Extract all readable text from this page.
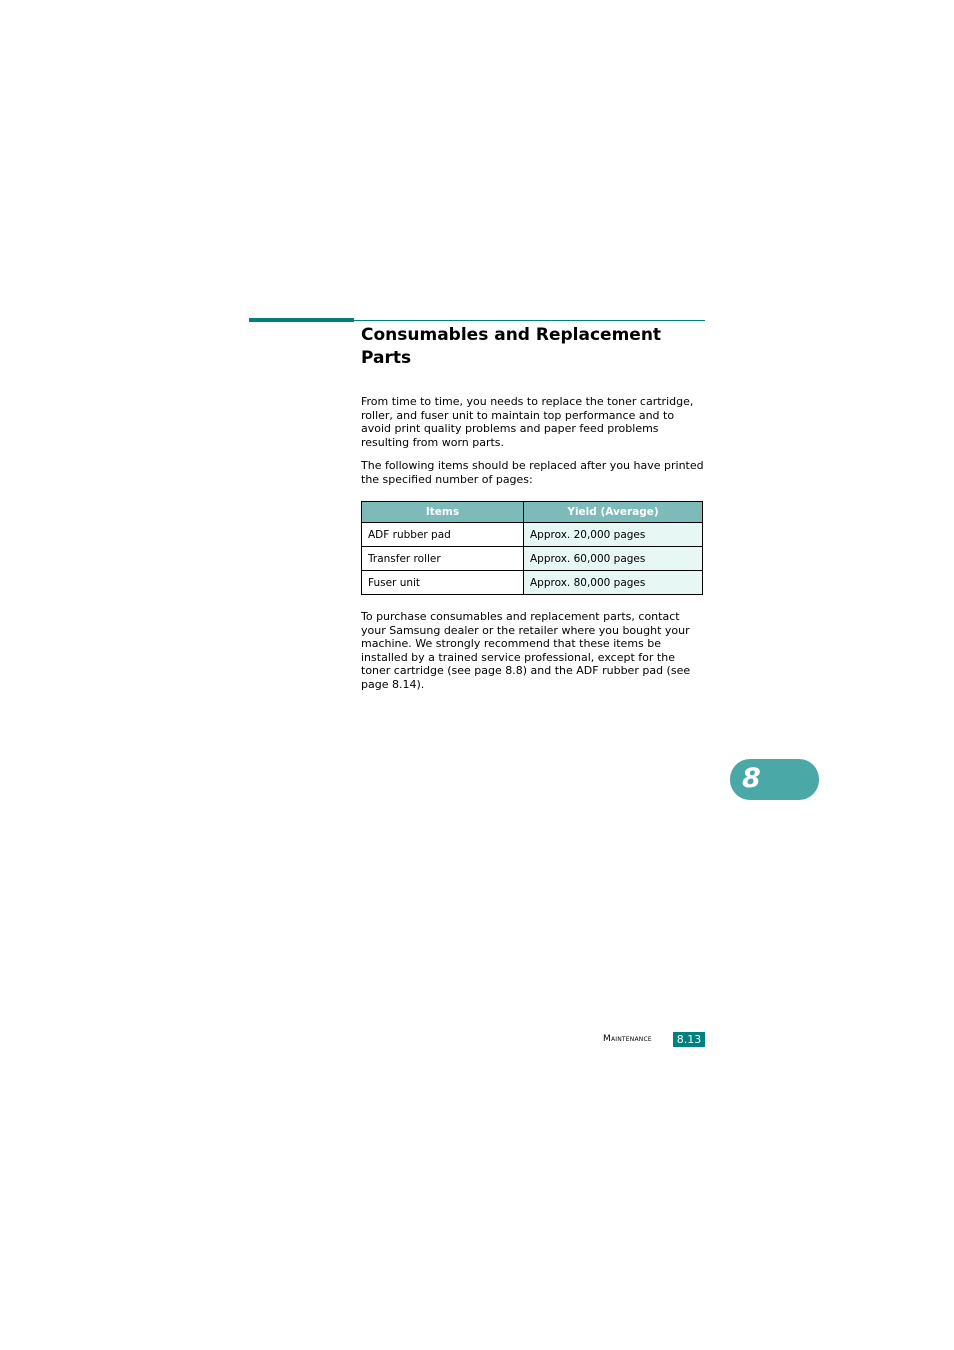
Consumables and Replacement Parts

From time to time, you needs to replace the toner cartridge, roller, and fuser unit to maintain top performance and to avoid print quality problems and paper feed problems resulting from worn parts.

The following items should be replaced after you have printed the specified number of pages:

Items	Yield (Average)
ADF rubber pad	Approx. 20,000 pages
Transfer roller	Approx. 60,000 pages
Fuser unit	Approx. 80,000 pages

To purchase consumables and replacement parts, contact your Samsung dealer or the retailer where you bought your machine. We strongly recommend that these items be installed by a trained service professional, except for the toner cartridge (see page 8.8) and the ADF rubber pad (see page 8.14).

8
Maintenance	8.13
